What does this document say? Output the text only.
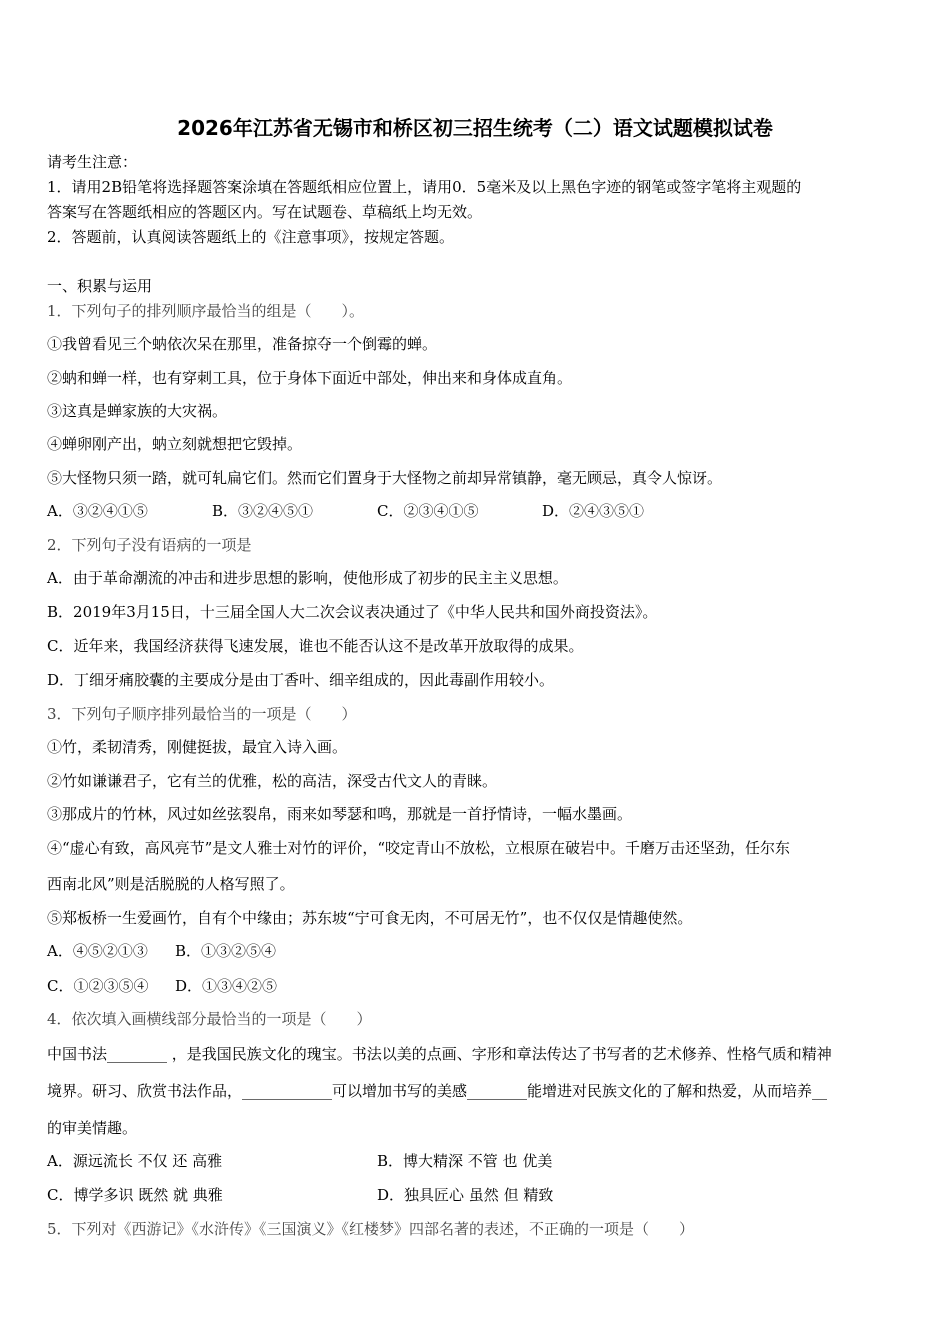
2026年江苏省无锡市和桥区初三招生统考（二）语文试题模拟试卷
请考生注意：
1．请用2B铅笔将选择题答案涂填在答题纸相应位置上，请用0．5毫米及以上黑色字迹的钢笔或签字笔将主观题的
答案写在答题纸相应的答题区内。写在试题卷、草稿纸上均无效。
2．答题前，认真阅读答题纸上的《注意事项》，按规定答题。
一、积累与运用
1．下列句子的排列顺序最恰当的组是（　　）。
①我曾看见三个蚋依次呆在那里，准备掠夺一个倒霉的蝉。
②蚋和蝉一样，也有穿刺工具，位于身体下面近中部处，伸出来和身体成直角。
③这真是蝉家族的大灾祸。
④蝉卵刚产出，蚋立刻就想把它毁掉。
⑤大怪物只须一踏，就可轧扁它们。然而它们置身于大怪物之前却异常镇静，毫无顾忌，真令人惊讶。
A．③②④①⑤	B．③②④⑤①	C．②③④①⑤	D．②④③⑤①
2．下列句子没有语病的一项是
A．由于革命潮流的冲击和进步思想的影响，使他形成了初步的民主主义思想。
B．2019年3月15日，十三届全国人大二次会议表决通过了《中华人民共和国外商投资法》。
C．近年来，我国经济获得飞速发展，谁也不能否认这不是改革开放取得的成果。
D．丁细牙痛胶囊的主要成分是由丁香叶、细辛组成的，因此毒副作用较小。
3．下列句子顺序排列最恰当的一项是（　　）
①竹，柔韧清秀，刚健挺拔，最宜入诗入画。
②竹如谦谦君子，它有兰的优雅，松的高洁，深受古代文人的青睐。
③那成片的竹林，风过如丝弦裂帛，雨来如琴瑟和鸣，那就是一首抒情诗，一幅水墨画。
④“虚心有致，高风亮节”是文人雅士对竹的评价，“咬定青山不放松，立根原在破岩中。千磨万击还坚劲，任尔东
西南北风”则是活脱脱的人格写照了。
⑤郑板桥一生爱画竹，自有个中缘由；苏东坡“宁可食无肉，不可居无竹”，也不仅仅是情趣使然。
A．④⑤②①③ B．①③②⑤④
C．①②③⑤④ D．①③④②⑤
4．依次填入画横线部分最恰当的一项是（　　）
中国书法________ ，是我国民族文化的瑰宝。书法以美的点画、字形和章法传达了书写者的艺术修养、性格气质和精神
境界。研习、欣赏书法作品，____________可以增加书写的美感________能增进对民族文化的了解和热爱，从而培养__
的审美情趣。
A．源远流长 不仅 还 高雅	B．博大精深 不管 也 优美
C．博学多识 既然 就 典雅	D．独具匠心 虽然 但 精致
5．下列对《西游记》《水浒传》《三国演义》《红楼梦》四部名著的表述，不正确的一项是（　　）
